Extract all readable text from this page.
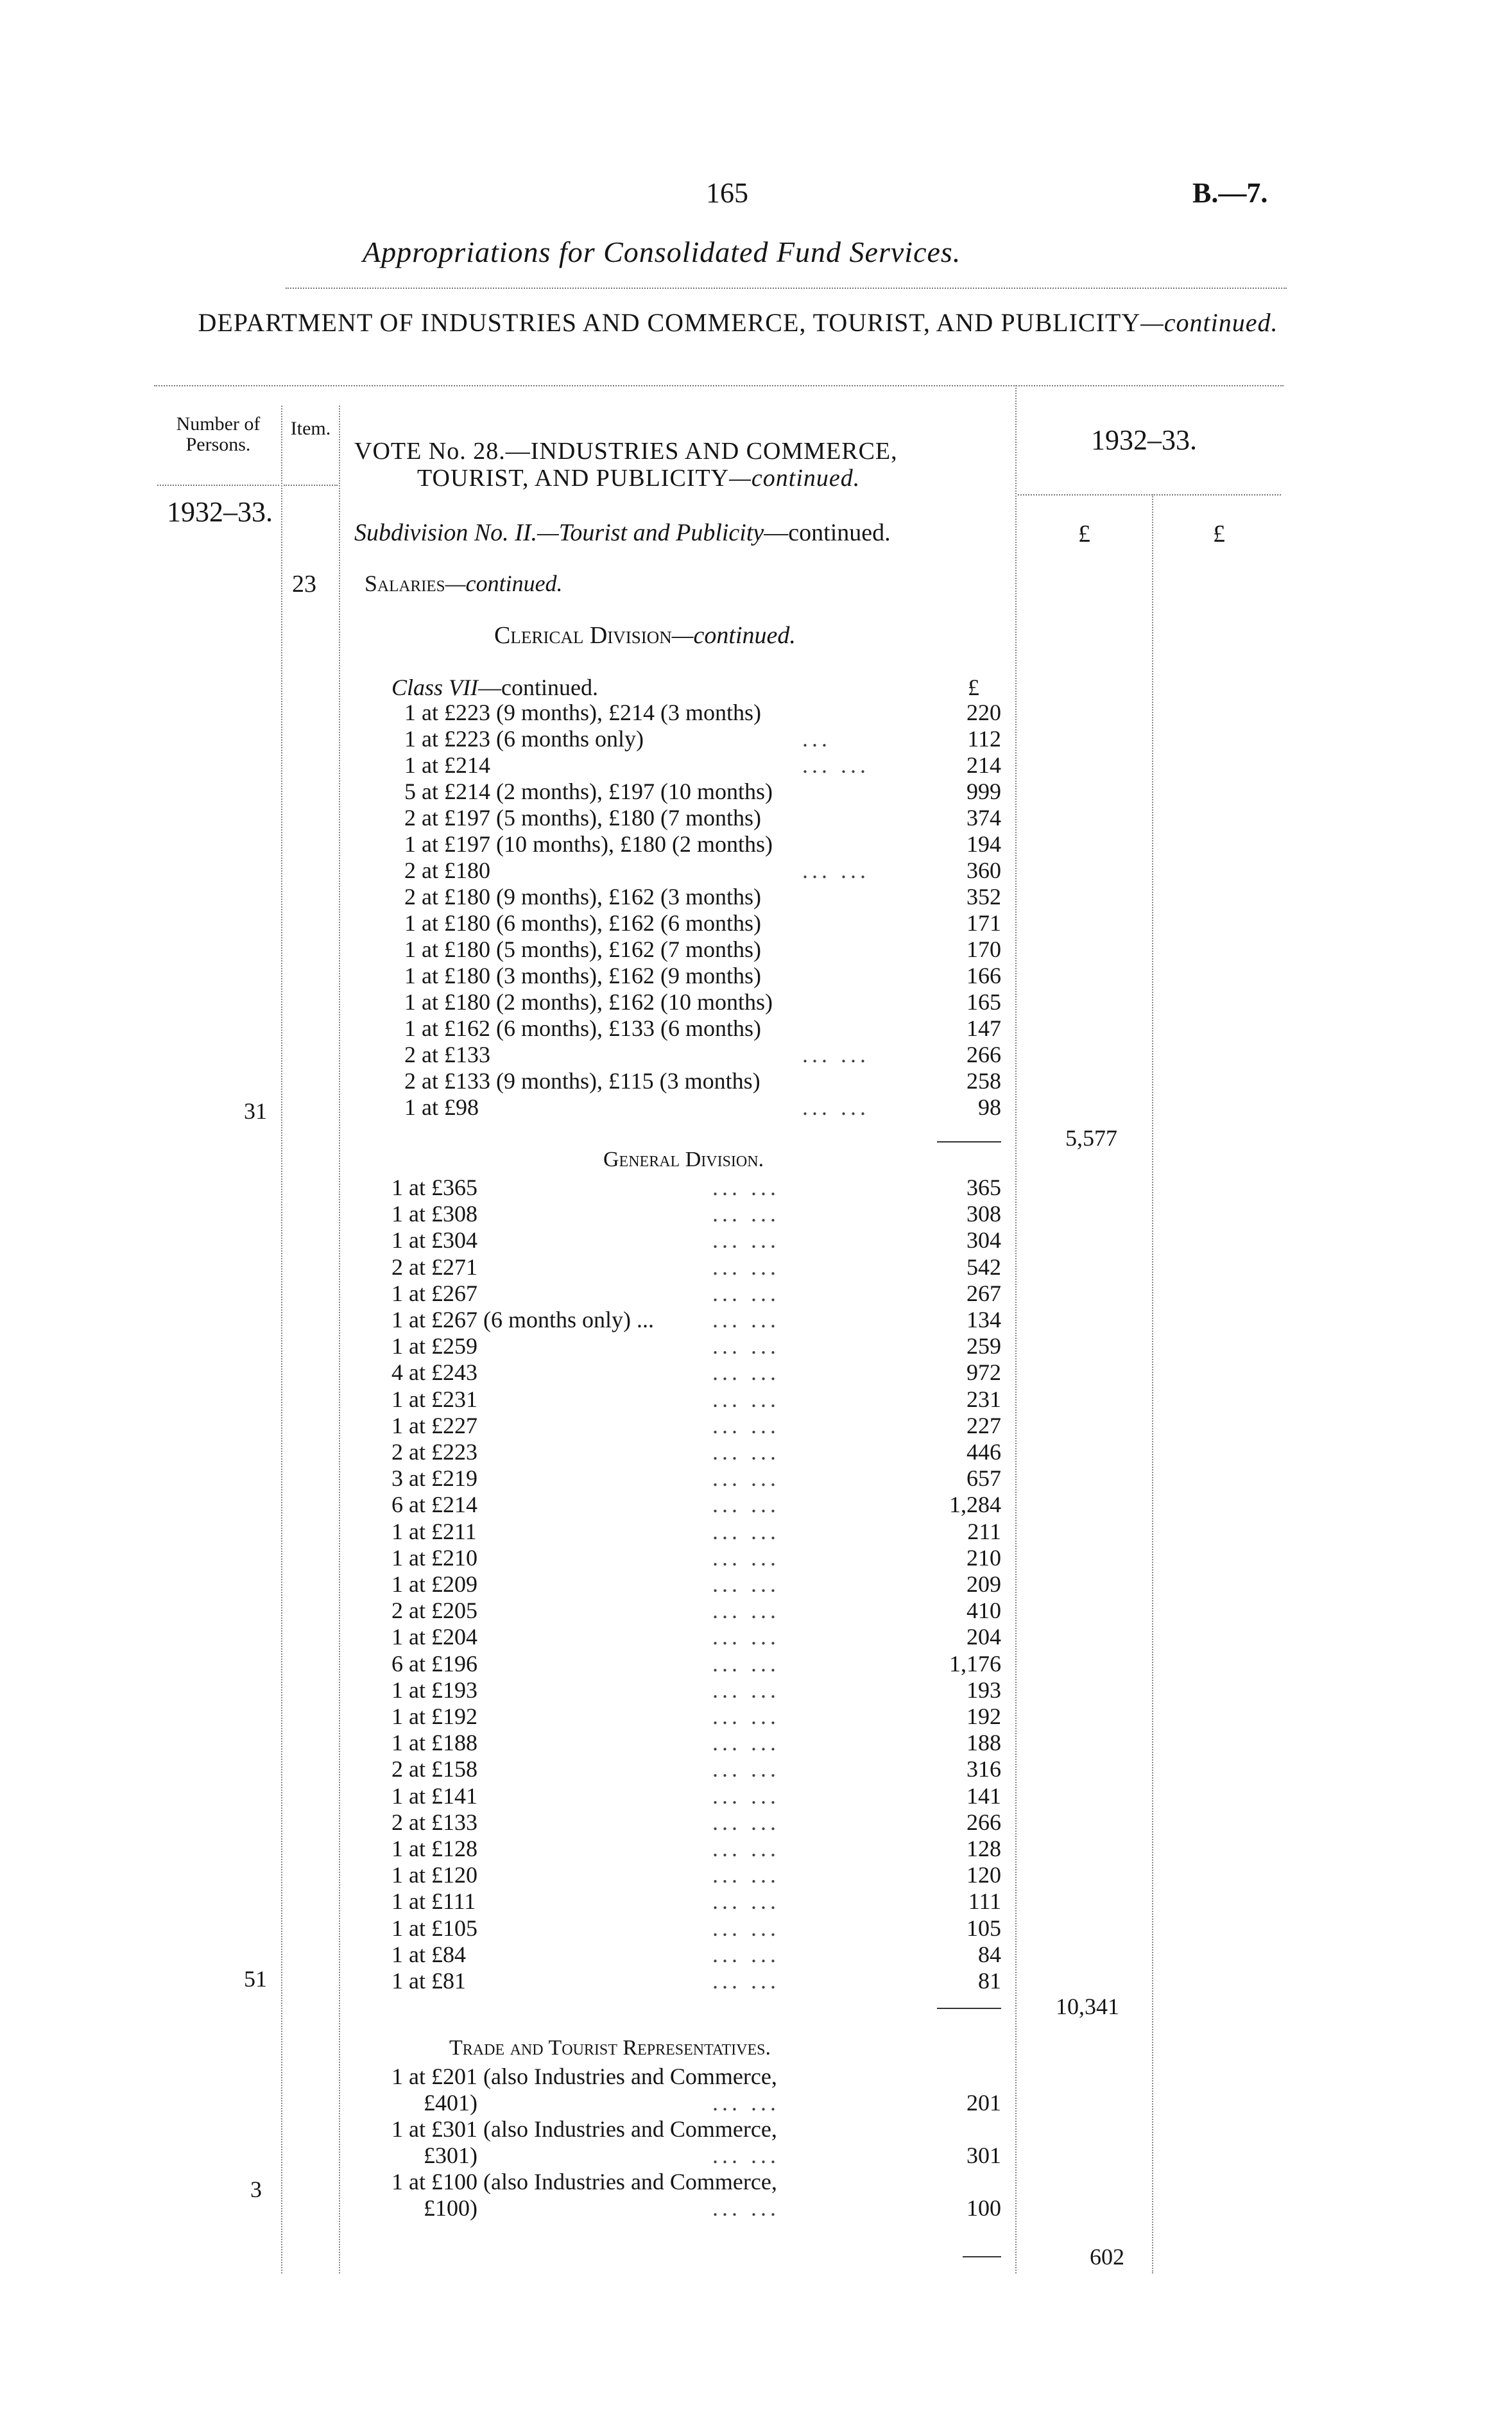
165	B.—7.
Appropriations for Consolidated Fund Services.
DEPARTMENT OF INDUSTRIES AND COMMERCE, TOURIST, AND PUBLICITY—continued.
Number of Persons.
Item.
1932–33.
1932–33.
£	£
VOTE No. 28.—INDUSTRIES AND COMMERCE,
TOURIST, AND PUBLICITY—continued.
Subdivision No. II.—Tourist and Publicity—continued.
23 Salaries—continued.
Clerical Division—continued.
Class VII—continued.	£
1 at £223 (9 months), £214 (3 months)	220
1 at £223 (6 months only)	...	112
1 at £214	... ...	214
5 at £214 (2 months), £197 (10 months)	999
2 at £197 (5 months), £180 (7 months)	374
1 at £197 (10 months), £180 (2 months)	194
2 at £180	... ...	360
2 at £180 (9 months), £162 (3 months)	352
1 at £180 (6 months), £162 (6 months)	171
1 at £180 (5 months), £162 (7 months)	170
1 at £180 (3 months), £162 (9 months)	166
1 at £180 (2 months), £162 (10 months)	165
1 at £162 (6 months), £133 (6 months)	147
2 at £133	... ...	266
2 at £133 (9 months), £115 (3 months)	258
1 at £98	... ...	98
31
5,577
General Division.
1 at £365	... ...	365
1 at £308	... ...	308
1 at £304	... ...	304
2 at £271	... ...	542
1 at £267	... ...	267
1 at £267 (6 months only) ...	... ...	134
1 at £259	... ...	259
4 at £243	... ...	972
1 at £231	... ...	231
1 at £227	... ...	227
2 at £223	... ...	446
3 at £219	... ...	657
6 at £214	... ...	1,284
1 at £211	... ...	211
1 at £210	... ...	210
1 at £209	... ...	209
2 at £205	... ...	410
1 at £204	... ...	204
6 at £196	... ...	1,176
1 at £193	... ...	193
1 at £192	... ...	192
1 at £188	... ...	188
2 at £158	... ...	316
1 at £141	... ...	141
2 at £133	... ...	266
1 at £128	... ...	128
1 at £120	... ...	120
1 at £111	... ...	111
1 at £105	... ...	105
1 at £84	... ...	84
1 at £81	... ...	81
51
10,341
Trade and Tourist Representatives.
1 at £201 (also Industries and Commerce,
£401)	... ...	201
1 at £301 (also Industries and Commerce,
£301)	... ...	301
1 at £100 (also Industries and Commerce,
£100)	... ...	100
3
602
